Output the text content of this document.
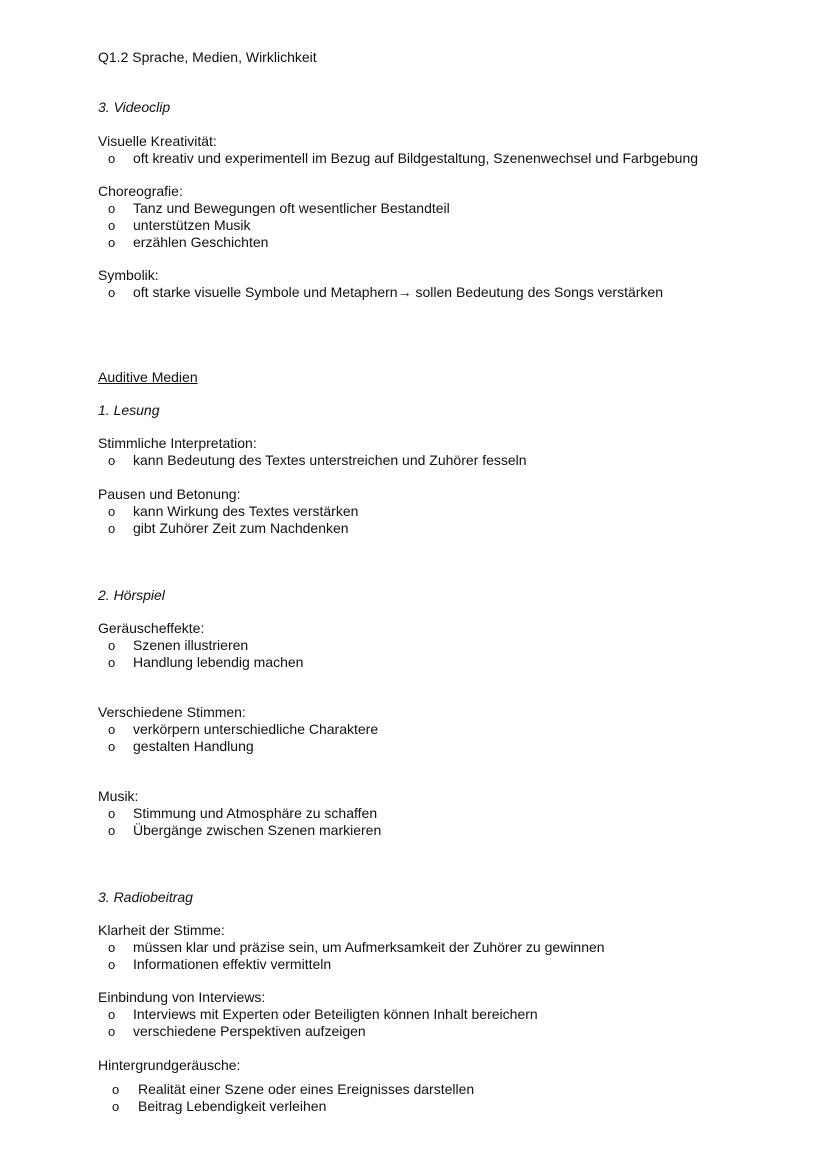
Q1.2 Sprache, Medien, Wirklichkeit
3. Videoclip
Visuelle Kreativität:
o oft kreativ und experimentell im Bezug auf Bildgestaltung, Szenenwechsel und Farbgebung
Choreografie:
o Tanz und Bewegungen oft wesentlicher Bestandteil
o unterstützen Musik
o erzählen Geschichten
Symbolik:
o oft starke visuelle Symbole und Metaphern→ sollen Bedeutung des Songs verstärken
Auditive Medien
1. Lesung
Stimmliche Interpretation:
o kann Bedeutung des Textes unterstreichen und Zuhörer fesseln
Pausen und Betonung:
o kann Wirkung des Textes verstärken
o gibt Zuhörer Zeit zum Nachdenken
2. Hörspiel
Geräuscheffekte:
o Szenen illustrieren
o Handlung lebendig machen
Verschiedene Stimmen:
o verkörpern unterschiedliche Charaktere
o gestalten Handlung
Musik:
o Stimmung und Atmosphäre zu schaffen
o Übergänge zwischen Szenen markieren
3. Radiobeitrag
Klarheit der Stimme:
o müssen klar und präzise sein, um Aufmerksamkeit der Zuhörer zu gewinnen
o Informationen effektiv vermitteln
Einbindung von Interviews:
o Interviews mit Experten oder Beteiligten können Inhalt bereichern
o verschiedene Perspektiven aufzeigen
Hintergrundgeräusche:
o Realität einer Szene oder eines Ereignisses darstellen
o Beitrag Lebendigkeit verleihen
